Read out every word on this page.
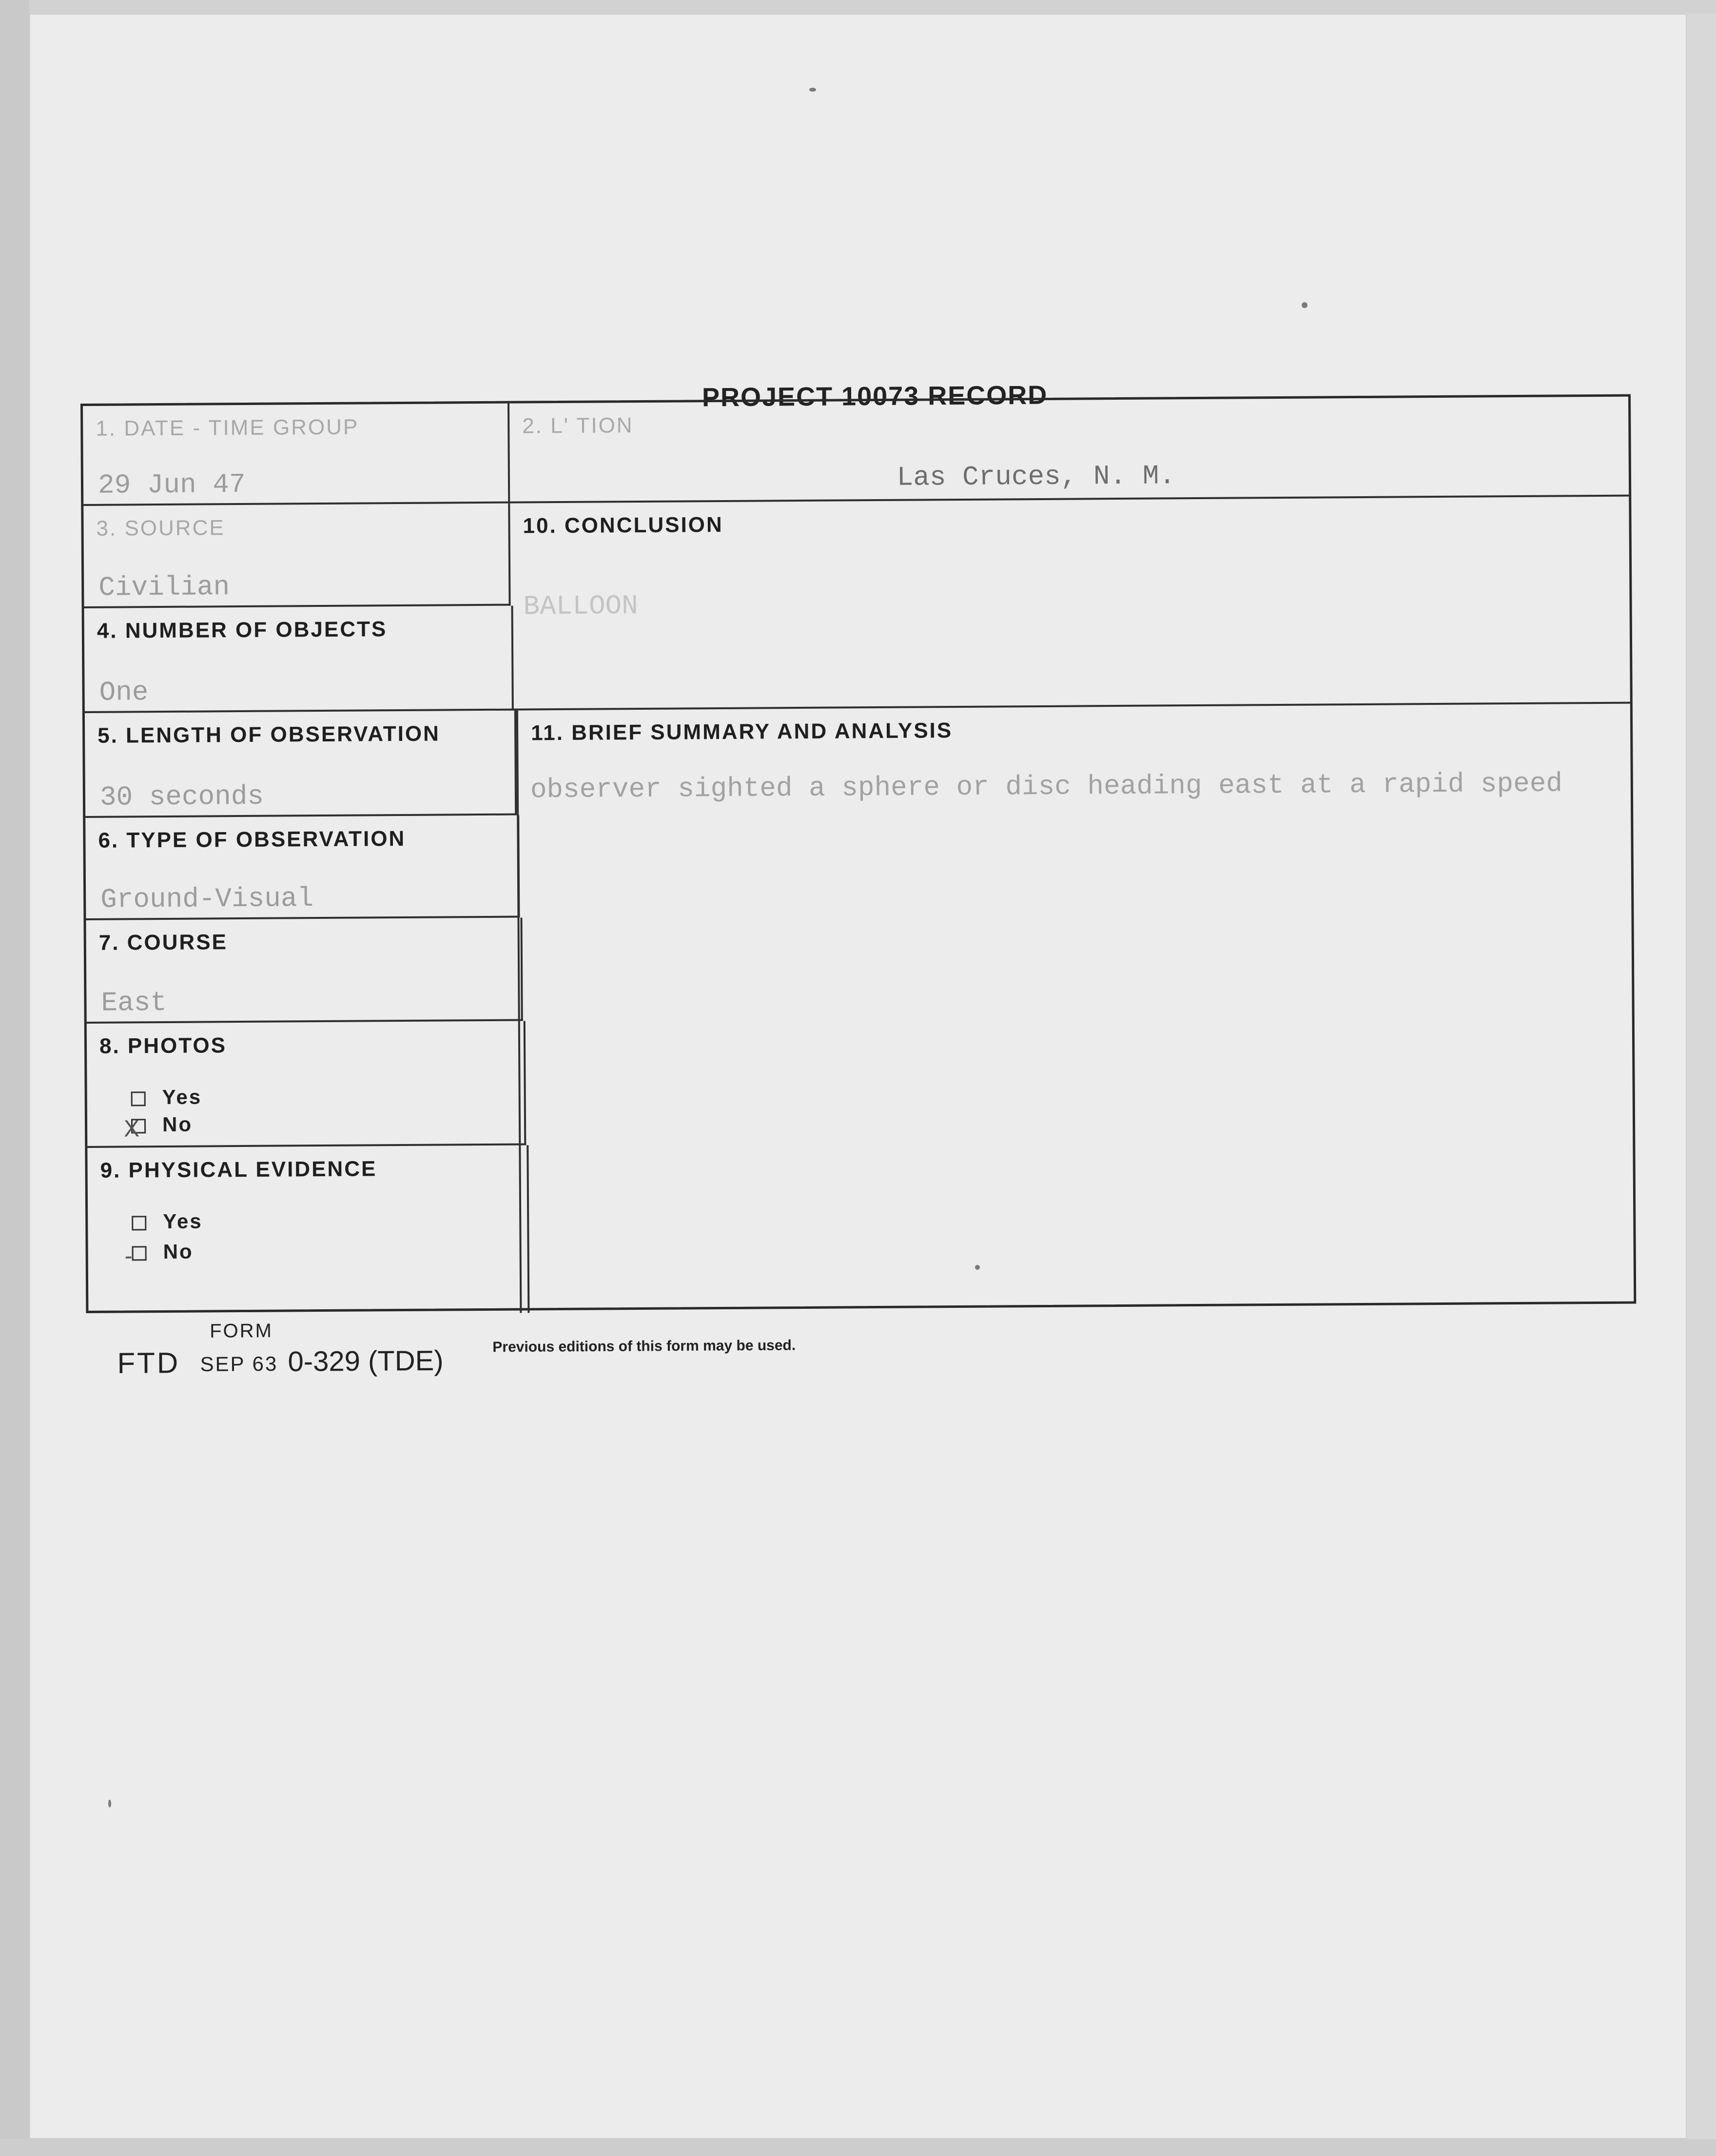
PROJECT 10073 RECORD
1. DATE - TIME GROUP
29 Jun 47
3. SOURCE
Civilian
4. NUMBER OF OBJECTS
One
5. LENGTH OF OBSERVATION
30 seconds
6. TYPE OF OBSERVATION
Ground-Visual
7. COURSE
East
8. PHOTOS
Yes
X No
9. PHYSICAL EVIDENCE
Yes
- No
2. L' TION
Las Cruces, N. M.
10. CONCLUSION
BALLOON
11. BRIEF SUMMARY AND ANALYSIS
observer sighted a sphere or disc heading east at a rapid speed
FORM
FTD SEP 63 0-329 (TDE)	Previous editions of this form may be used.
